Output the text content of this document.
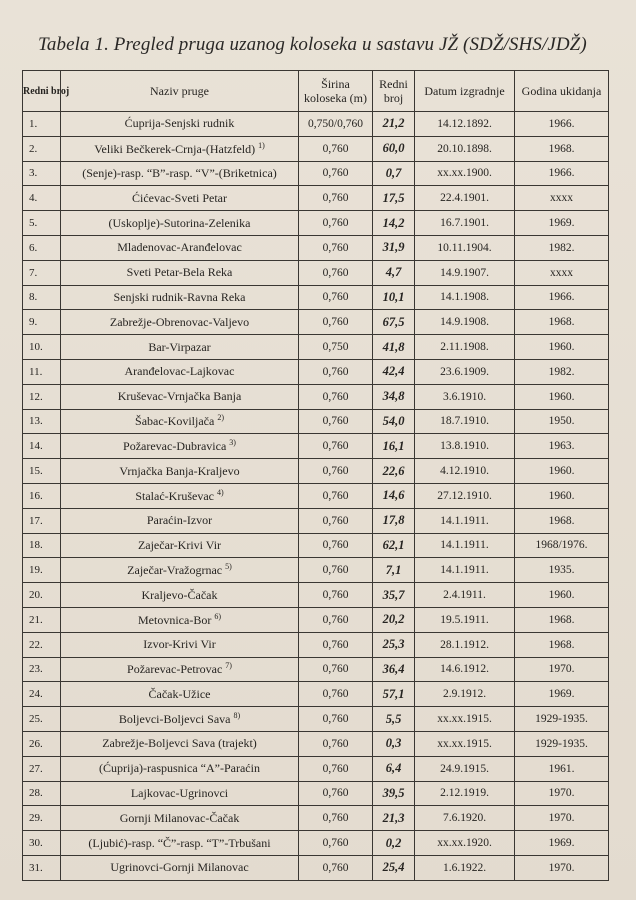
Tabela 1. Pregled pruga uzanog koloseka u sastavu JŽ (SDŽ/SHS/JDŽ)
Redni broj	Naziv pruge	Širina koloseka (m)	Redni broj	Datum izgradnje	Godina ukidanja
1.	Ćuprija-Senjski rudnik	0,750/0,760	21,2	14.12.1892.	1966.
2.	Veliki Bečkerek-Crnja-(Hatzfeld) $^{1)}$	0,760	60,0	20.10.1898.	1968.
3.	(Senje)-rasp. “B”-rasp. “V”-(Briketnica)	0,760	0,7	xx.xx.1900.	1966.
4.	Ćićevac-Sveti Petar	0,760	17,5	22.4.1901.	xxxx
5.	(Uskoplje)-Sutorina-Zelenika	0,760	14,2	16.7.1901.	1969.
6.	Mladenovac-Aranđelovac	0,760	31,9	10.11.1904.	1982.
7.	Sveti Petar-Bela Reka	0,760	4,7	14.9.1907.	xxxx
8.	Senjski rudnik-Ravna Reka	0,760	10,1	14.1.1908.	1966.
9.	Zabrežje-Obrenovac-Valjevo	0,760	67,5	14.9.1908.	1968.
10.	Bar-Virpazar	0,750	41,8	2.11.1908.	1960.
11.	Aranđelovac-Lajkovac	0,760	42,4	23.6.1909.	1982.
12.	Kruševac-Vrnjačka Banja	0,760	34,8	3.6.1910.	1960.
13.	Šabac-Koviljača $^{2)}$	0,760	54,0	18.7.1910.	1950.
14.	Požarevac-Dubravica $^{3)}$	0,760	16,1	13.8.1910.	1963.
15.	Vrnjačka Banja-Kraljevo	0,760	22,6	4.12.1910.	1960.
16.	Stalać-Kruševac $^{4)}$	0,760	14,6	27.12.1910.	1960.
17.	Paraćin-Izvor	0,760	17,8	14.1.1911.	1968.
18.	Zaječar-Krivi Vir	0,760	62,1	14.1.1911.	1968/1976.
19.	Zaječar-Vražogrnac $^{5)}$	0,760	7,1	14.1.1911.	1935.
20.	Kraljevo-Čačak	0,760	35,7	2.4.1911.	1960.
21.	Metovnica-Bor $^{6)}$	0,760	20,2	19.5.1911.	1968.
22.	Izvor-Krivi Vir	0,760	25,3	28.1.1912.	1968.
23.	Požarevac-Petrovac $^{7)}$	0,760	36,4	14.6.1912.	1970.
24.	Čačak-Užice	0,760	57,1	2.9.1912.	1969.
25.	Boljevci-Boljevci Sava $^{8)}$	0,760	5,5	xx.xx.1915.	1929-1935.
26.	Zabrežje-Boljevci Sava (trajekt)	0,760	0,3	xx.xx.1915.	1929-1935.
27.	(Ćuprija)-raspusnica “A”-Paraćin	0,760	6,4	24.9.1915.	1961.
28.	Lajkovac-Ugrinovci	0,760	39,5	2.12.1919.	1970.
29.	Gornji Milanovac-Čačak	0,760	21,3	7.6.1920.	1970.
30.	(Ljubić)-rasp. “Č”-rasp. “T”-Trbušani	0,760	0,2	xx.xx.1920.	1969.
31.	Ugrinovci-Gornji Milanovac	0,760	25,4	1.6.1922.	1970.
